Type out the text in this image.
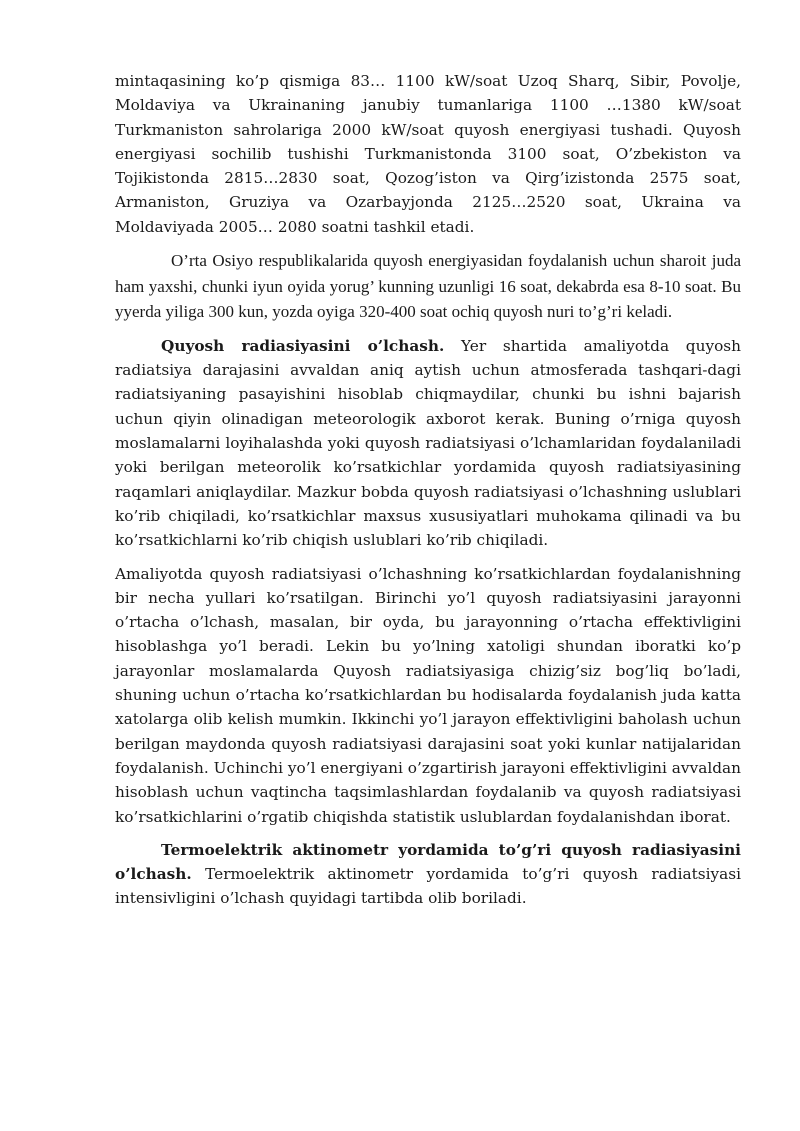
mintaqasining ko’p qismiga 83… 1100 kW/soat Uzoq Sharq, Sibir, Povolje, Moldaviya va Ukrainaning janubiy tumanlariga 1100 …1380 kW/soat Turkmaniston sahrolariga 2000 kW/soat quyosh energiyasi tushadi. Quyosh energiyasi sochilib tushishi Turkmanistonda 3100 soat, O’zbekiston va Tojikistonda 2815…2830 soat, Qozog’iston va Qirg’izistonda 2575 soat, Armaniston, Gruziya va Ozarbayjonda 2125…2520 soat, Ukraina va Moldaviyada 2005… 2080 soatni tashkil etadi.

O’rta Osiyo respublikalarida quyosh energiyasidan foydalanish uchun sharoit juda ham yaxshi, chunki iyun oyida yorug’ kunning uzunligi 16 soat, dekabrda esa 8-10 soat. Bu yyerda yiliga 300 kun, yozda oyiga 320-400 soat ochiq quyosh nuri to’g’ri keladi.

Quyosh radiasiyasini o’lchash. Yer shartida amaliyotda quyosh radiatsiya darajasini avvaldan aniq aytish uchun atmosferada tashqari-dagi radiatsiyaning pasayishini hisoblab chiqmaydilar, chunki bu ishni bajarish uchun qiyin olinadigan meteorologik axborot kerak. Buning o’rniga quyosh moslamalarni loyihalashda yoki quyosh radiatsiyasi o’lchamlaridan foydalaniladi yoki berilgan meteorolik ko’rsatkichlar yordamida quyosh radiatsiyasining raqamlari aniqlaydilar. Mazkur bobda quyosh radiatsiyasi o’lchashning uslublari ko’rib chiqiladi, ko’rsatkichlar maxsus xususiyatlari muhokama qilinadi va bu ko’rsatkichlarni ko’rib chiqish uslublari ko’rib chiqiladi.

Amaliyotda quyosh radiatsiyasi o’lchashning ko’rsatkichlardan foydalanishning bir necha yullari ko’rsatilgan. Birinchi yo’l quyosh radiatsiyasini jarayonni o’rtacha o’lchash, masalan, bir oyda, bu jarayonning o’rtacha effektivligini hisoblashga yo’l beradi. Lekin bu yo’lning xatoligi shundan iboratki ko’p jarayonlar moslamalarda Quyosh radiatsiyasiga chizig’siz bog’liq bo’ladi, shuning uchun o’rtacha ko’rsatkichlardan bu hodisalarda foydalanish juda katta xatolarga olib kelish mumkin. Ikkinchi yo’l jarayon effektivligini baholash uchun berilgan maydonda quyosh radiatsiyasi darajasini soat yoki kunlar natijalaridan foydalanish. Uchinchi yo’l energiyani o’zgartirish jarayoni effektivligini avvaldan hisoblash uchun vaqtincha taqsimlashlardan foydalanib va quyosh radiatsiyasi ko’rsatkichlarini o’rgatib chiqishda statistik uslublardan foydalanishdan iborat.

Termoelektrik aktinometr yordamida to’g’ri quyosh radiasiyasini o’lchash. Termoelektrik aktinometr yordamida to’g’ri quyosh radiatsiyasi intensivligini o’lchash quyidagi tartibda olib boriladi.
